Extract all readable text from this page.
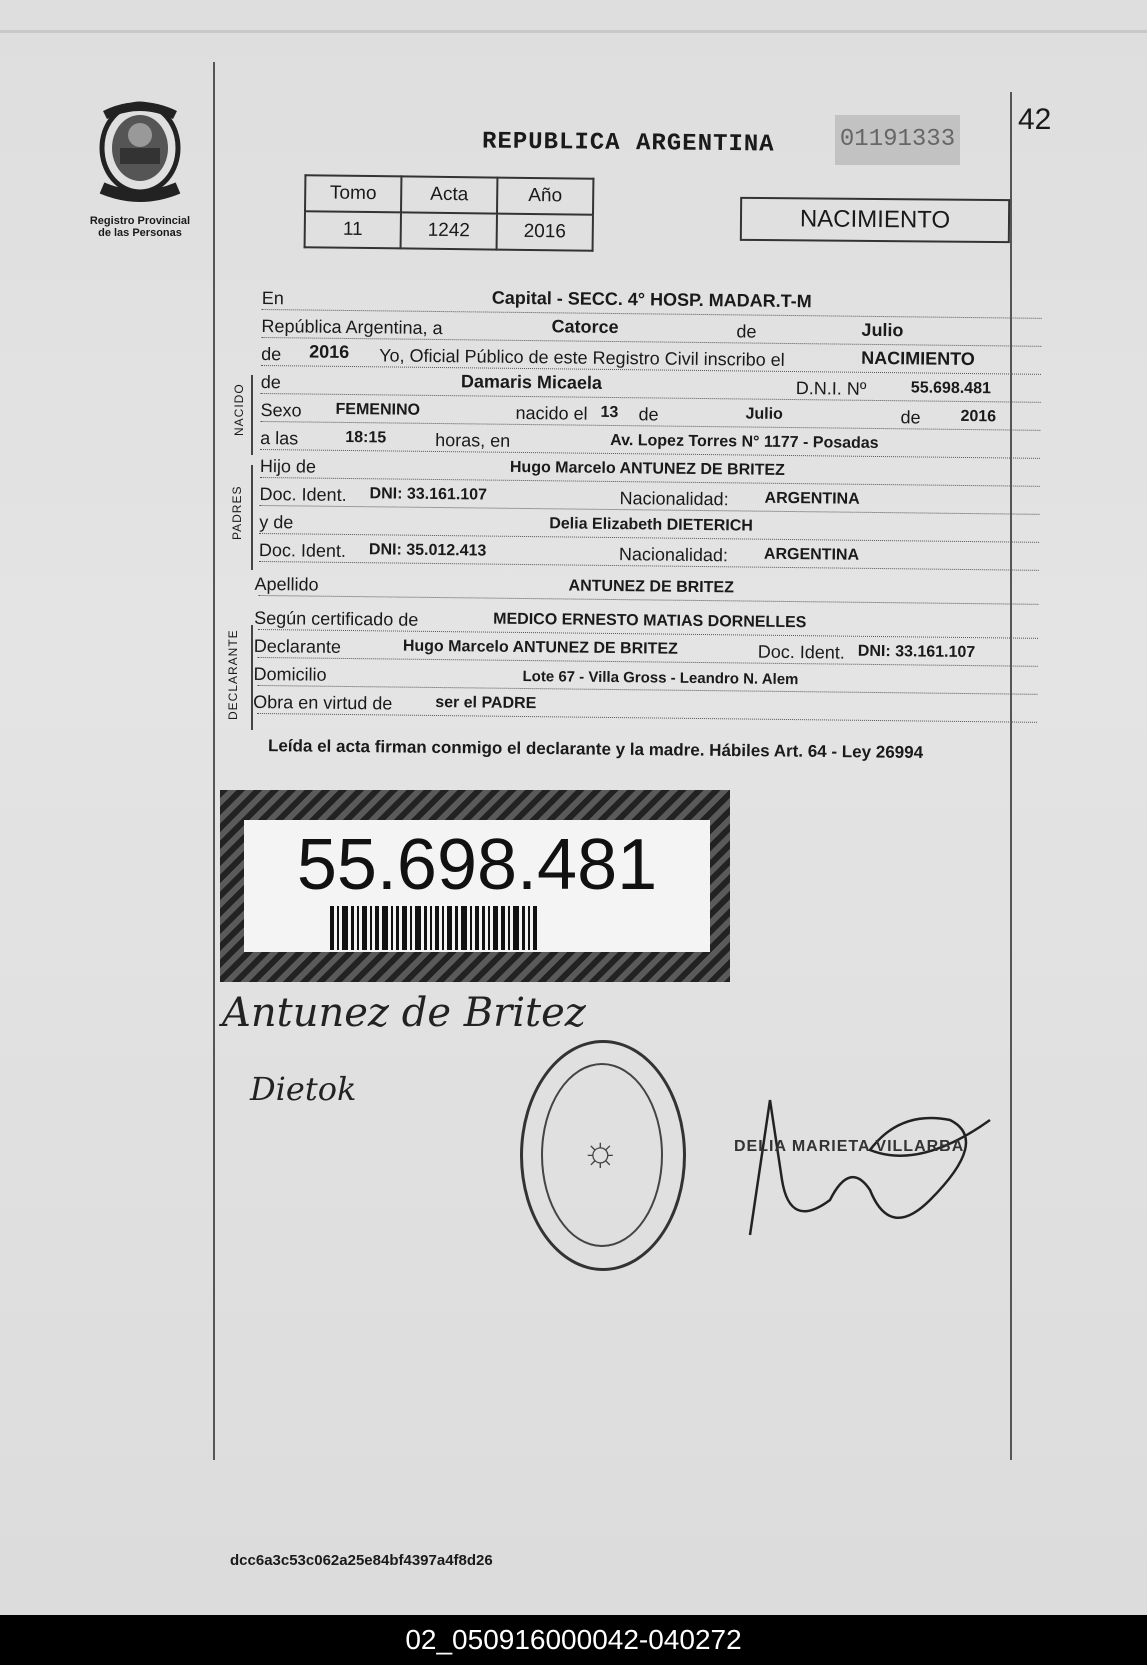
Registro Provincial
de las Personas
42
REPUBLICA ARGENTINA	01191333
Tomo	Acta	Año
11	1242	2016	NACIMIENTO
NACIDO
PADRES
DECLARANTE
En	Capital - SECC. 4° HOSP. MADAR.T-M
República Argentina, a	Catorce	de	Julio
de 2016 Yo, Oficial Público de este Registro Civil inscribo el	NACIMIENTO
de	Damaris Micaela	D.N.I. Nº	55.698.481
Sexo FEMENINO	nacido el 13 de	Julio	de 2016
a las	18:15	horas, en	Av. Lopez Torres N° 1177 - Posadas
Hijo de	Hugo Marcelo ANTUNEZ DE BRITEZ
Doc. Ident. DNI: 33.161.107	Nacionalidad: ARGENTINA
y de	Delia Elizabeth DIETERICH
Doc. Ident. DNI: 35.012.413	Nacionalidad: ARGENTINA
Apellido	ANTUNEZ DE BRITEZ
Según certificado de	MEDICO ERNESTO MATIAS DORNELLES
Declarante	Hugo Marcelo ANTUNEZ DE BRITEZ	Doc. Ident. DNI: 33.161.107
Domicilio	Lote 67 - Villa Gross - Leandro N. Alem
Obra en virtud de	ser el PADRE
Leída el acta firman conmigo el declarante y la madre. Hábiles Art. 64 - Ley 26994
55.698.481
Antunez de Britez
Dietok
☼	DELIA MARIETA VILLARBA
dcc6a3c53c062a25e84bf4397a4f8d26
02_050916000042-040272
